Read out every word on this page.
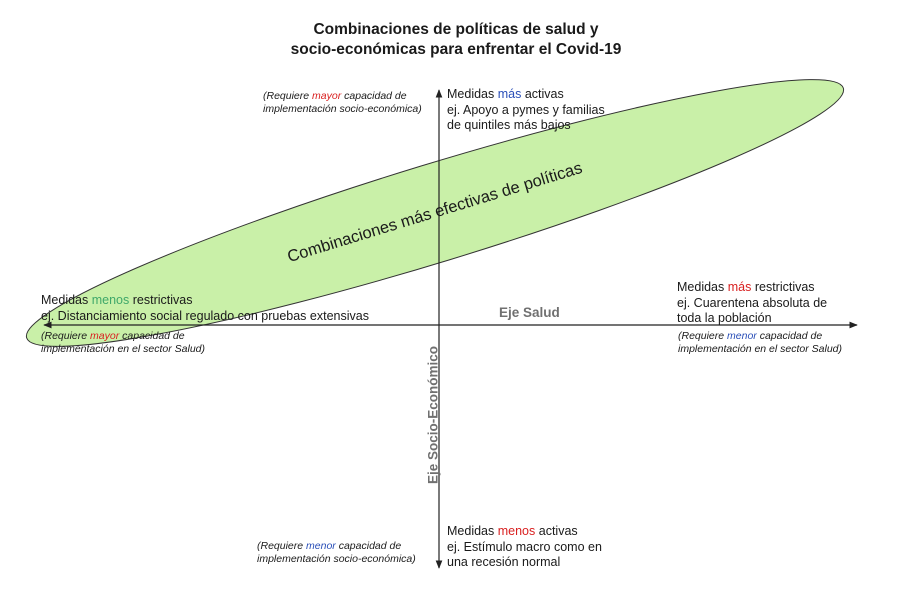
Combinaciones de políticas de salud y
socio-económicas para enfrentar el Covid-19
Combinaciones más efectivas de políticas
Eje Salud
Eje Socio-Económico
(Requiere mayor capacidad de
implementación socio-económica)
Medidas más activas
ej. Apoyo a pymes y familias
de quintiles más bajos
Medidas menos restrictivas
ej. Distanciamiento social regulado con pruebas extensivas
(Requiere mayor capacidad de
implementación en el sector Salud)
Medidas más restrictivas
ej. Cuarentena absoluta de
toda la población
(Requiere menor capacidad de
implementación en el sector Salud)
(Requiere menor capacidad de
implementación socio-económica)
Medidas menos activas
ej. Estímulo macro como en
una recesión normal
